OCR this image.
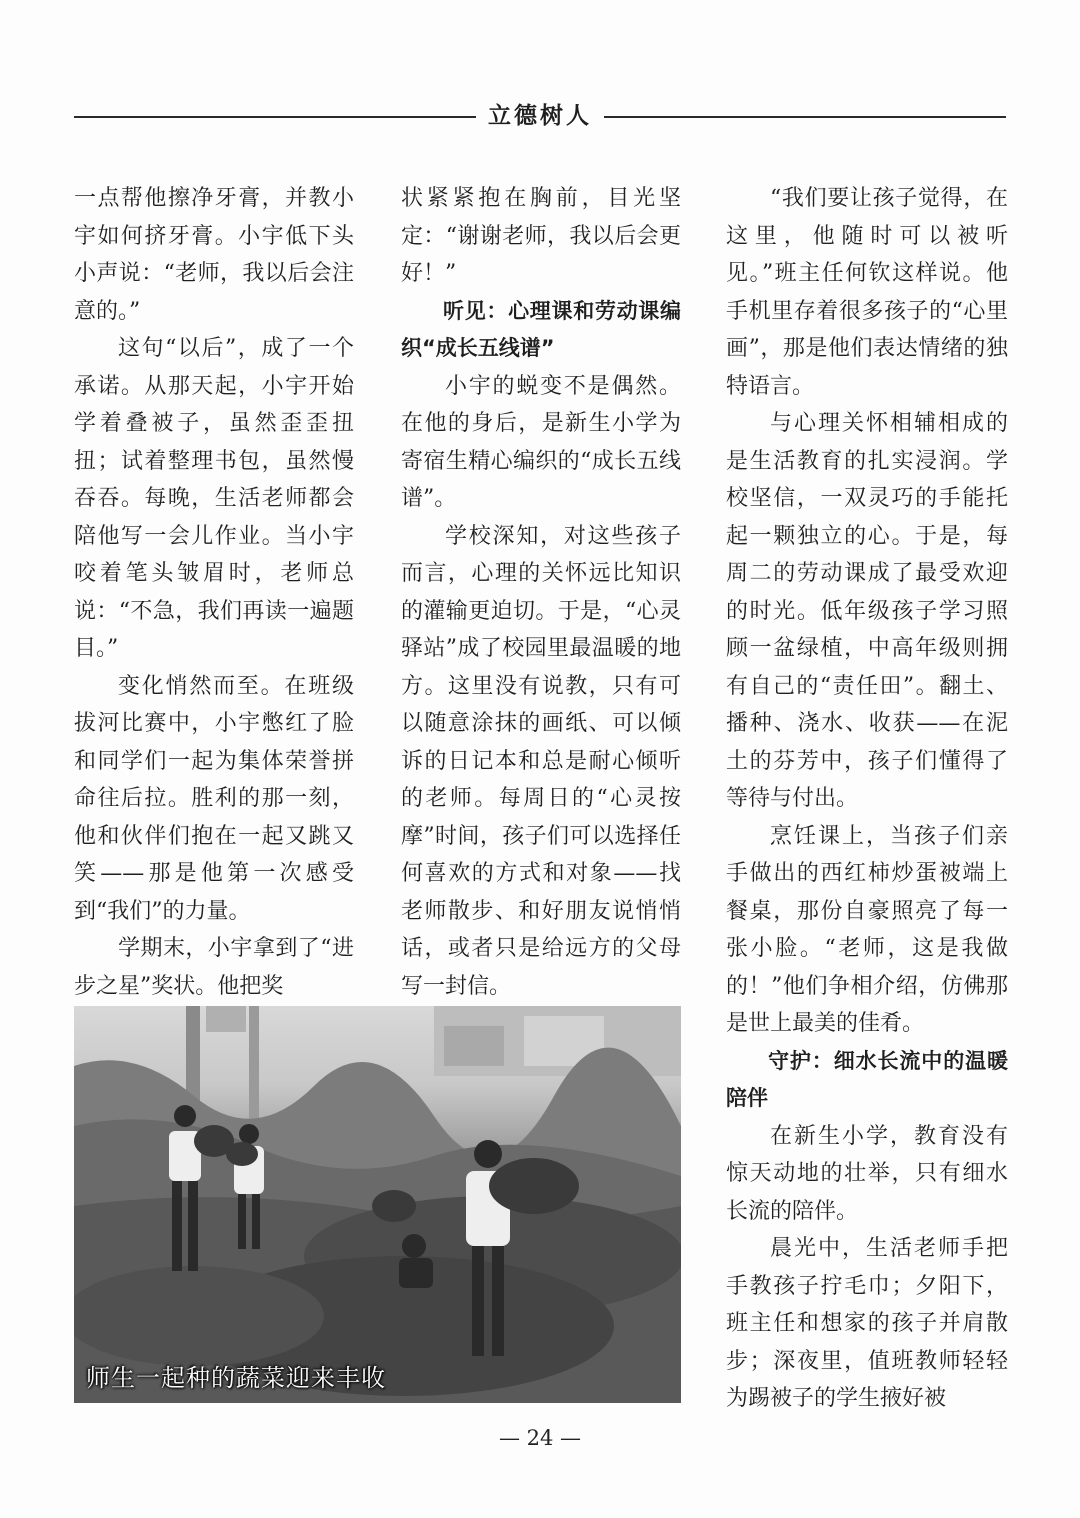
立德树人

一点帮他擦净牙膏，并教小宇如何挤牙膏。小宇低下头小声说：“老师，我以后会注意的。”

这句“以后”，成了一个承诺。从那天起，小宇开始学着叠被子，虽然歪歪扭扭；试着整理书包，虽然慢吞吞。每晚，生活老师都会陪他写一会儿作业。当小宇咬着笔头皱眉时，老师总说：“不急，我们再读一遍题目。”

变化悄然而至。在班级拔河比赛中，小宇憋红了脸和同学们一起为集体荣誉拼命往后拉。胜利的那一刻，他和伙伴们抱在一起又跳又笑——那是他第一次感受到“我们”的力量。

学期末，小宇拿到了“进步之星”奖状。他把奖

状紧紧抱在胸前，目光坚定：“谢谢老师，我以后会更好！”

听见：心理课和劳动课编织“成长五线谱”

小宇的蜕变不是偶然。在他的身后，是新生小学为寄宿生精心编织的“成长五线谱”。

学校深知，对这些孩子而言，心理的关怀远比知识的灌输更迫切。于是，“心灵驿站”成了校园里最温暖的地方。这里没有说教，只有可以随意涂抹的画纸、可以倾诉的日记本和总是耐心倾听的老师。每周日的“心灵按摩”时间，孩子们可以选择任何喜欢的方式和对象——找老师散步、和好朋友说悄悄话，或者只是给远方的父母写一封信。

“我们要让孩子觉得，在这里，他随时可以被听见。”班主任何钦这样说。他手机里存着很多孩子的“心里画”，那是他们表达情绪的独特语言。

与心理关怀相辅相成的是生活教育的扎实浸润。学校坚信，一双灵巧的手能托起一颗独立的心。于是，每周二的劳动课成了最受欢迎的时光。低年级孩子学习照顾一盆绿植，中高年级则拥有自己的“责任田”。翻土、播种、浇水、收获——在泥土的芬芳中，孩子们懂得了等待与付出。

烹饪课上，当孩子们亲手做出的西红柿炒蛋被端上餐桌，那份自豪照亮了每一张小脸。“老师，这是我做的！”他们争相介绍，仿佛那是世上最美的佳肴。

守护：细水长流中的温暖陪伴

在新生小学，教育没有惊天动地的壮举，只有细水长流的陪伴。

晨光中，生活老师手把手教孩子拧毛巾；夕阳下，班主任和想家的孩子并肩散步；深夜里，值班教师轻轻为踢被子的学生掖好被

师生一起种的蔬菜迎来丰收
— 24 —
